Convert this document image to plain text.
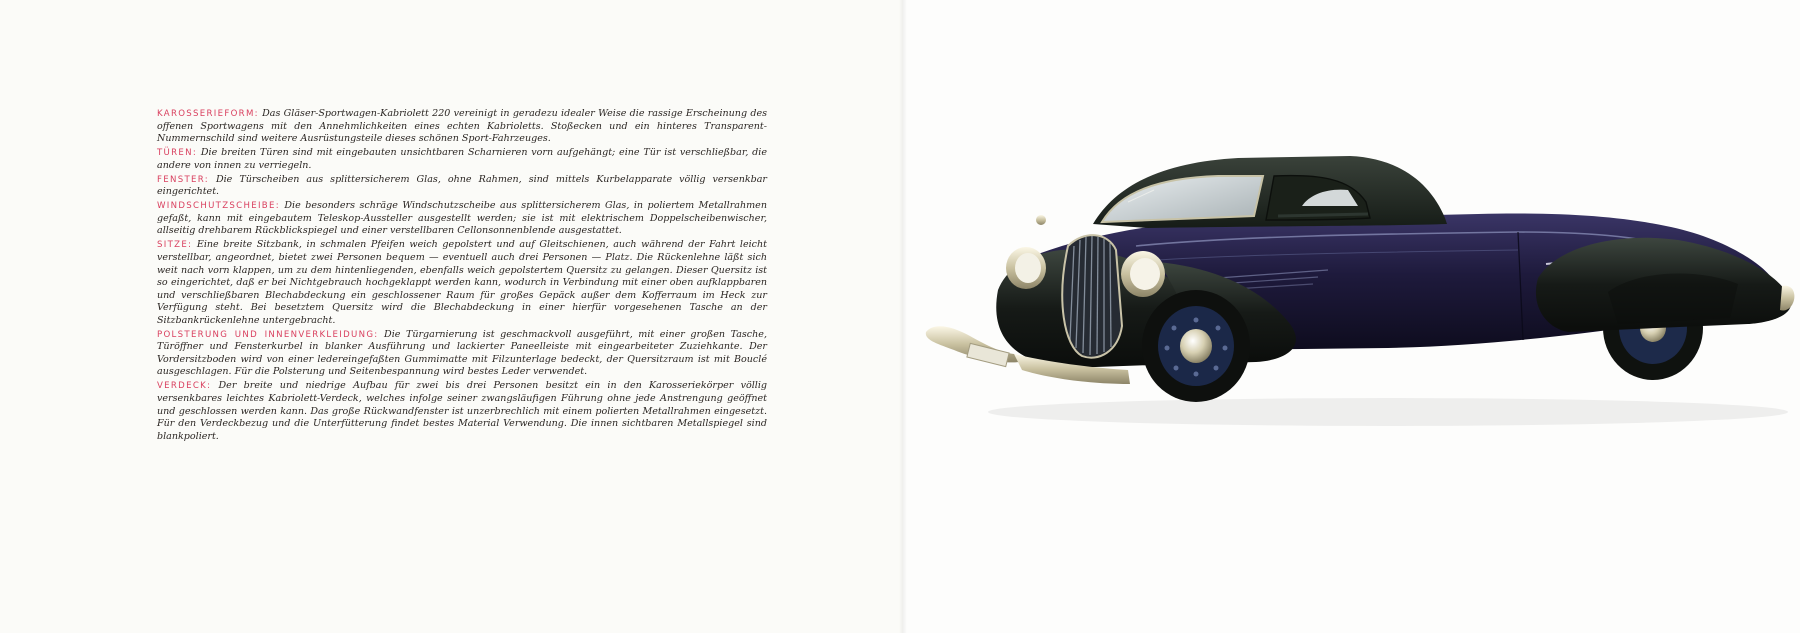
KAROSSERIEFORM: Das Gläser-Sportwagen-Kabriolett 220 vereinigt in geradezu idealer Weise die rassige Erscheinung des offenen Sportwagens mit den Annehmlichkeiten eines echten Kabrioletts. Stoßecken und ein hinteres Transparent-Nummernschild sind weitere Ausrüstungsteile dieses schönen Sport-Fahrzeuges.

TÜREN: Die breiten Türen sind mit eingebauten unsichtbaren Scharnieren vorn aufgehängt; eine Tür ist verschließbar, die andere von innen zu verriegeln.

FENSTER: Die Türscheiben aus splittersicherem Glas, ohne Rahmen, sind mittels Kurbelapparate völlig versenkbar eingerichtet.

WINDSCHUTZSCHEIBE: Die besonders schräge Windschutzscheibe aus splittersicherem Glas, in poliertem Metallrahmen gefaßt, kann mit eingebautem Teleskop-Aussteller ausgestellt werden; sie ist mit elektrischem Doppelscheibenwischer, allseitig drehbarem Rückblickspiegel und einer verstellbaren Cellonsonnenblende ausgestattet.

SITZE: Eine breite Sitzbank, in schmalen Pfeifen weich gepolstert und auf Gleitschienen, auch während der Fahrt leicht verstellbar, angeordnet, bietet zwei Personen bequem — eventuell auch drei Personen — Platz. Die Rückenlehne läßt sich weit nach vorn klappen, um zu dem hintenliegenden, ebenfalls weich gepolstertem Quersitz zu gelangen. Dieser Quersitz ist so eingerichtet, daß er bei Nichtgebrauch hochgeklappt werden kann, wodurch in Verbindung mit einer oben aufklappbaren und verschließbaren Blechabdeckung ein geschlossener Raum für großes Gepäck außer dem Kofferraum im Heck zur Verfügung steht. Bei besetztem Quersitz wird die Blechabdeckung in einer hierfür vorgesehenen Tasche an der Sitzbankrückenlehne untergebracht.

POLSTERUNG UND INNENVERKLEIDUNG: Die Türgarnierung ist geschmackvoll ausgeführt, mit einer großen Tasche, Türöffner und Fensterkurbel in blanker Ausführung und lackierter Paneelleiste mit eingearbeiteter Zuziehkante. Der Vordersitzboden wird von einer ledereingefaßten Gummimatte mit Filzunterlage bedeckt, der Quersitzraum ist mit Bouclé ausgeschlagen. Für die Polsterung und Seitenbespannung wird bestes Leder verwendet.

VERDECK: Der breite und niedrige Aufbau für zwei bis drei Personen besitzt ein in den Karosseriekörper völlig versenkbares leichtes Kabriolett-Verdeck, welches infolge seiner zwangsläufigen Führung ohne jede Anstrengung geöffnet und geschlossen werden kann. Das große Rückwandfenster ist unzerbrechlich mit einem polierten Metallrahmen eingesetzt. Für den Verdeckbezug und die Unterfütterung findet bestes Material Verwendung. Die innen sichtbaren Metallspiegel sind blankpoliert.
